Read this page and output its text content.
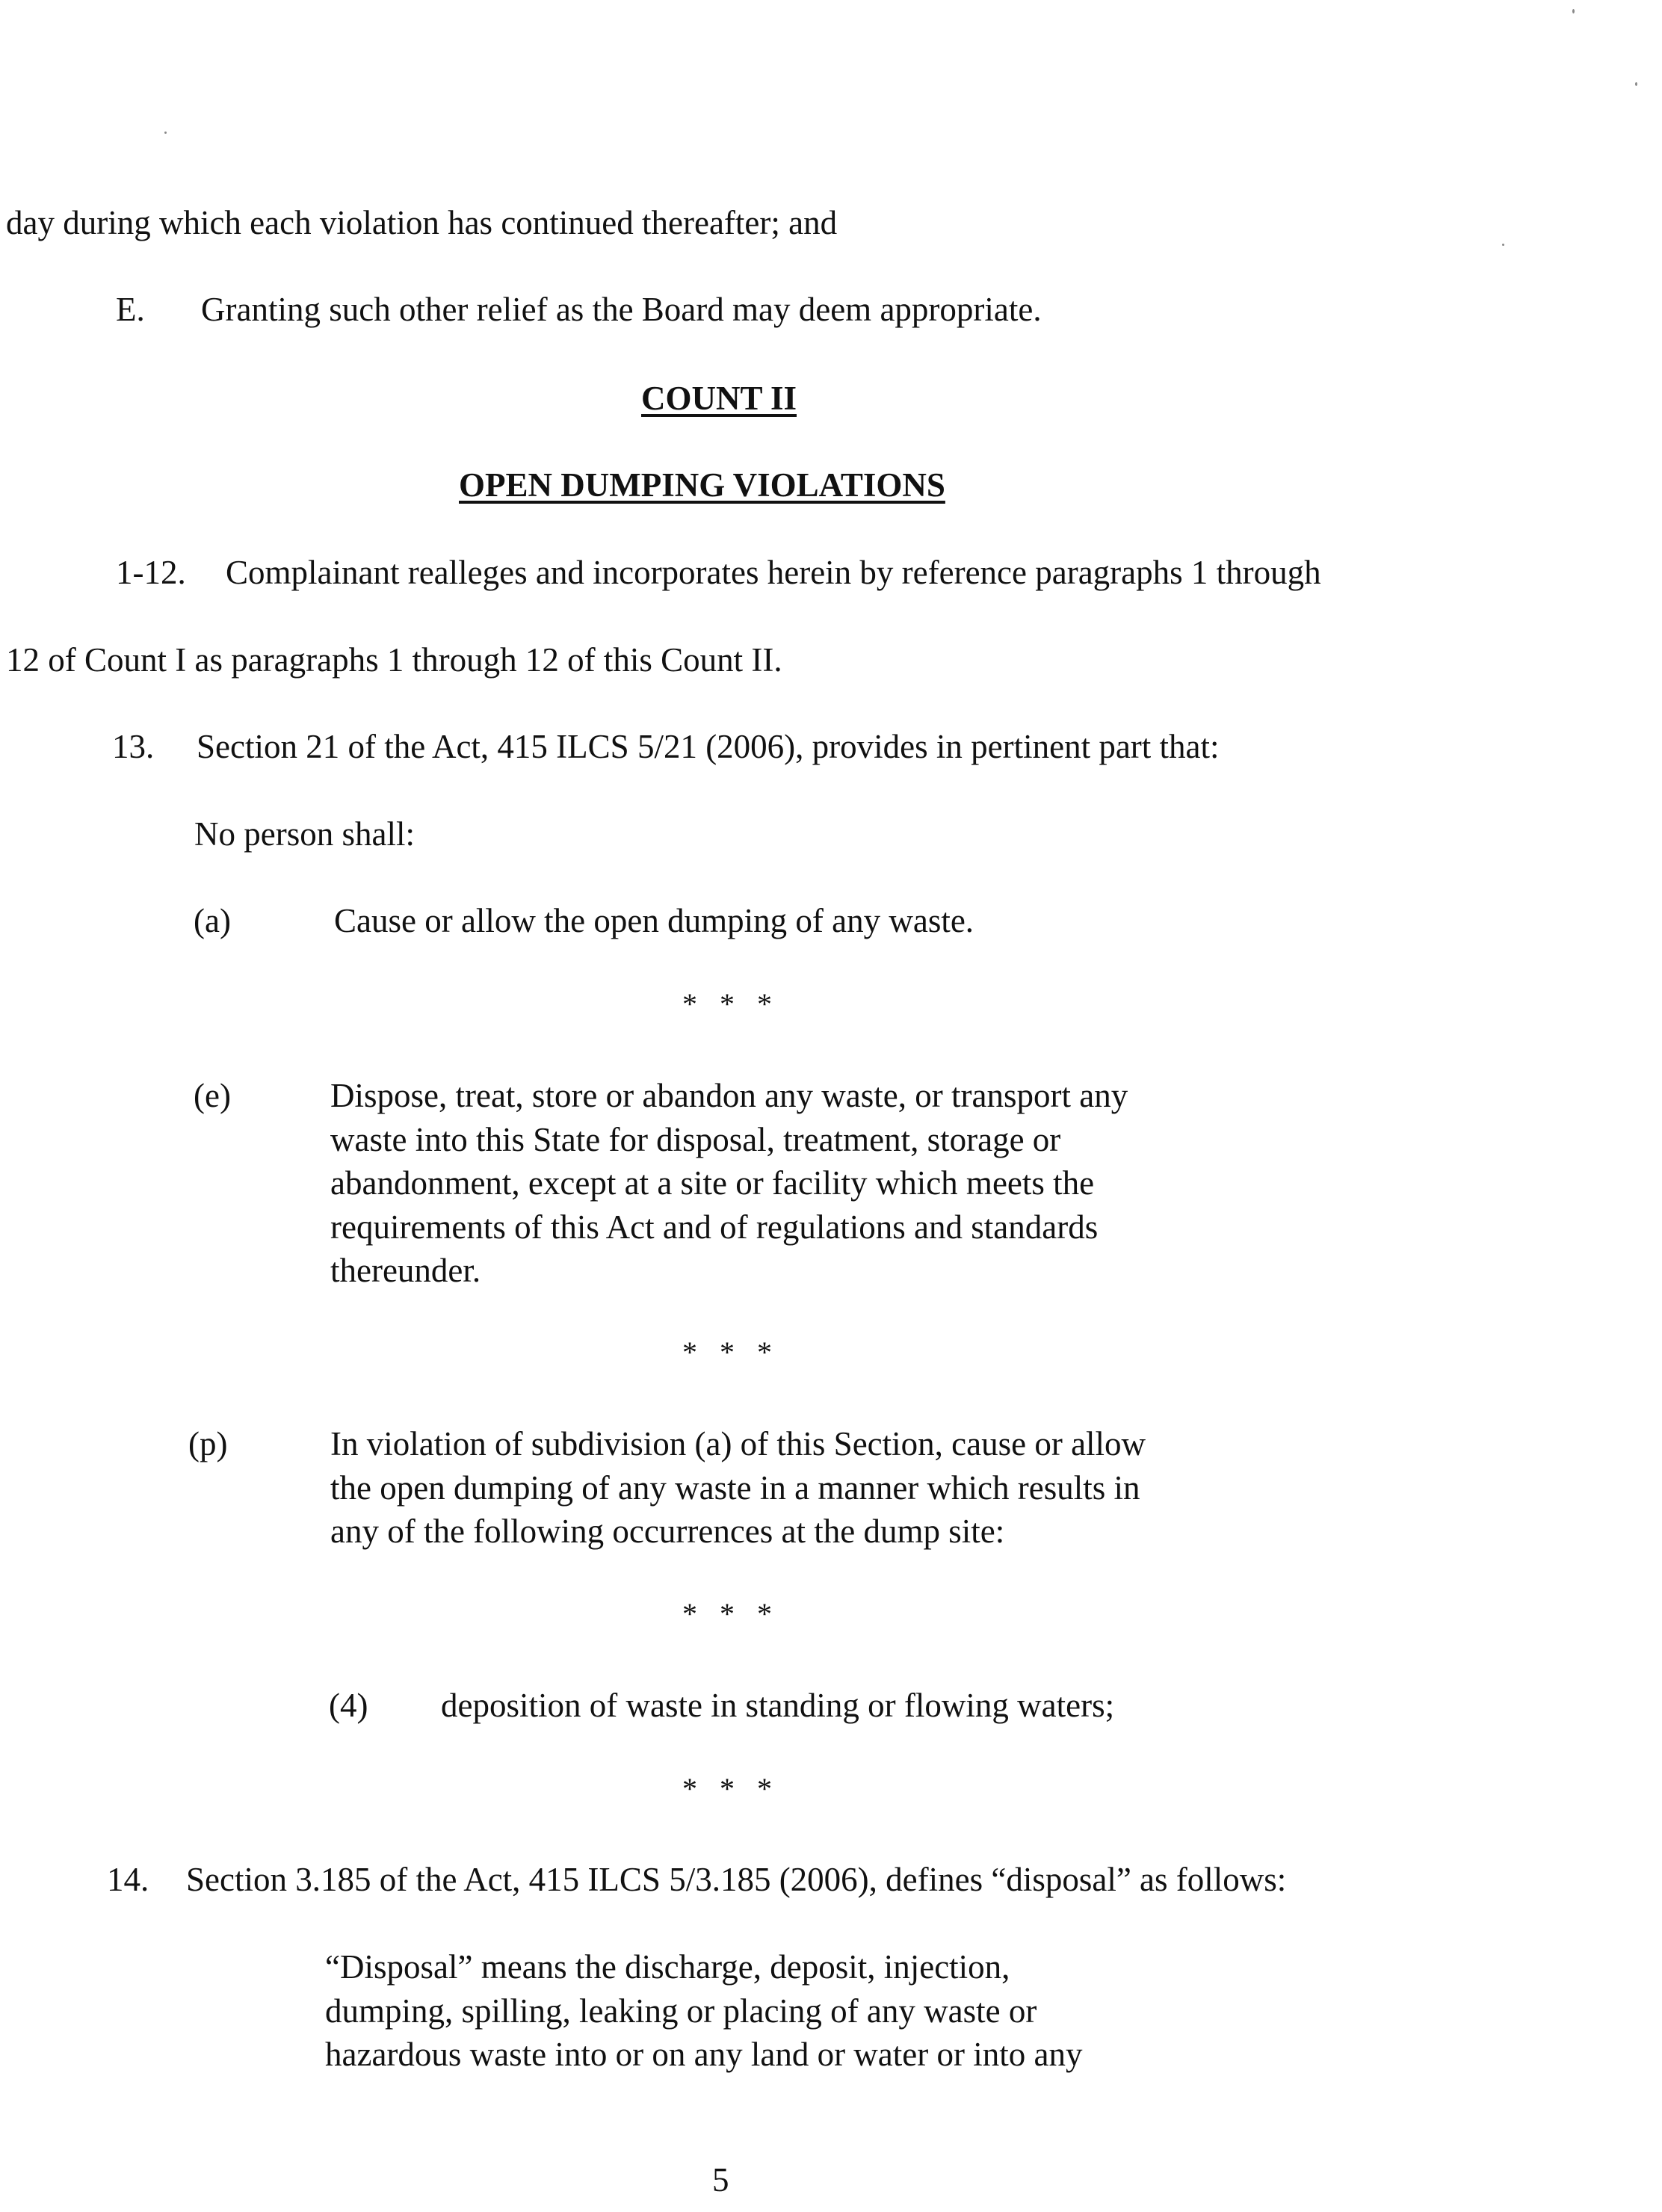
day during which each violation has continued thereafter; and
E. Granting such other relief as the Board may deem appropriate.
COUNT II
OPEN DUMPING VIOLATIONS
1-12. Complainant realleges and incorporates herein by reference paragraphs 1 through
12 of Count I as paragraphs 1 through 12 of this Count II.
13. Section 21 of the Act, 415 ILCS 5/21 (2006), provides in pertinent part that:
No person shall:
(a)	Cause or allow the open dumping of any waste.
* * *
(e)	Dispose, treat, store or abandon any waste, or transport any
waste into this State for disposal, treatment, storage or
abandonment, except at a site or facility which meets the
requirements of this Act and of regulations and standards
thereunder.
* * *
(p)	In violation of subdivision (a) of this Section, cause or allow
the open dumping of any waste in a manner which results in
any of the following occurrences at the dump site:
* * *
(4) deposition of waste in standing or flowing waters;
* * *
14. Section 3.185 of the Act, 415 ILCS 5/3.185 (2006), defines “disposal” as follows:
“Disposal” means the discharge, deposit, injection,
dumping, spilling, leaking or placing of any waste or
hazardous waste into or on any land or water or into any
5
